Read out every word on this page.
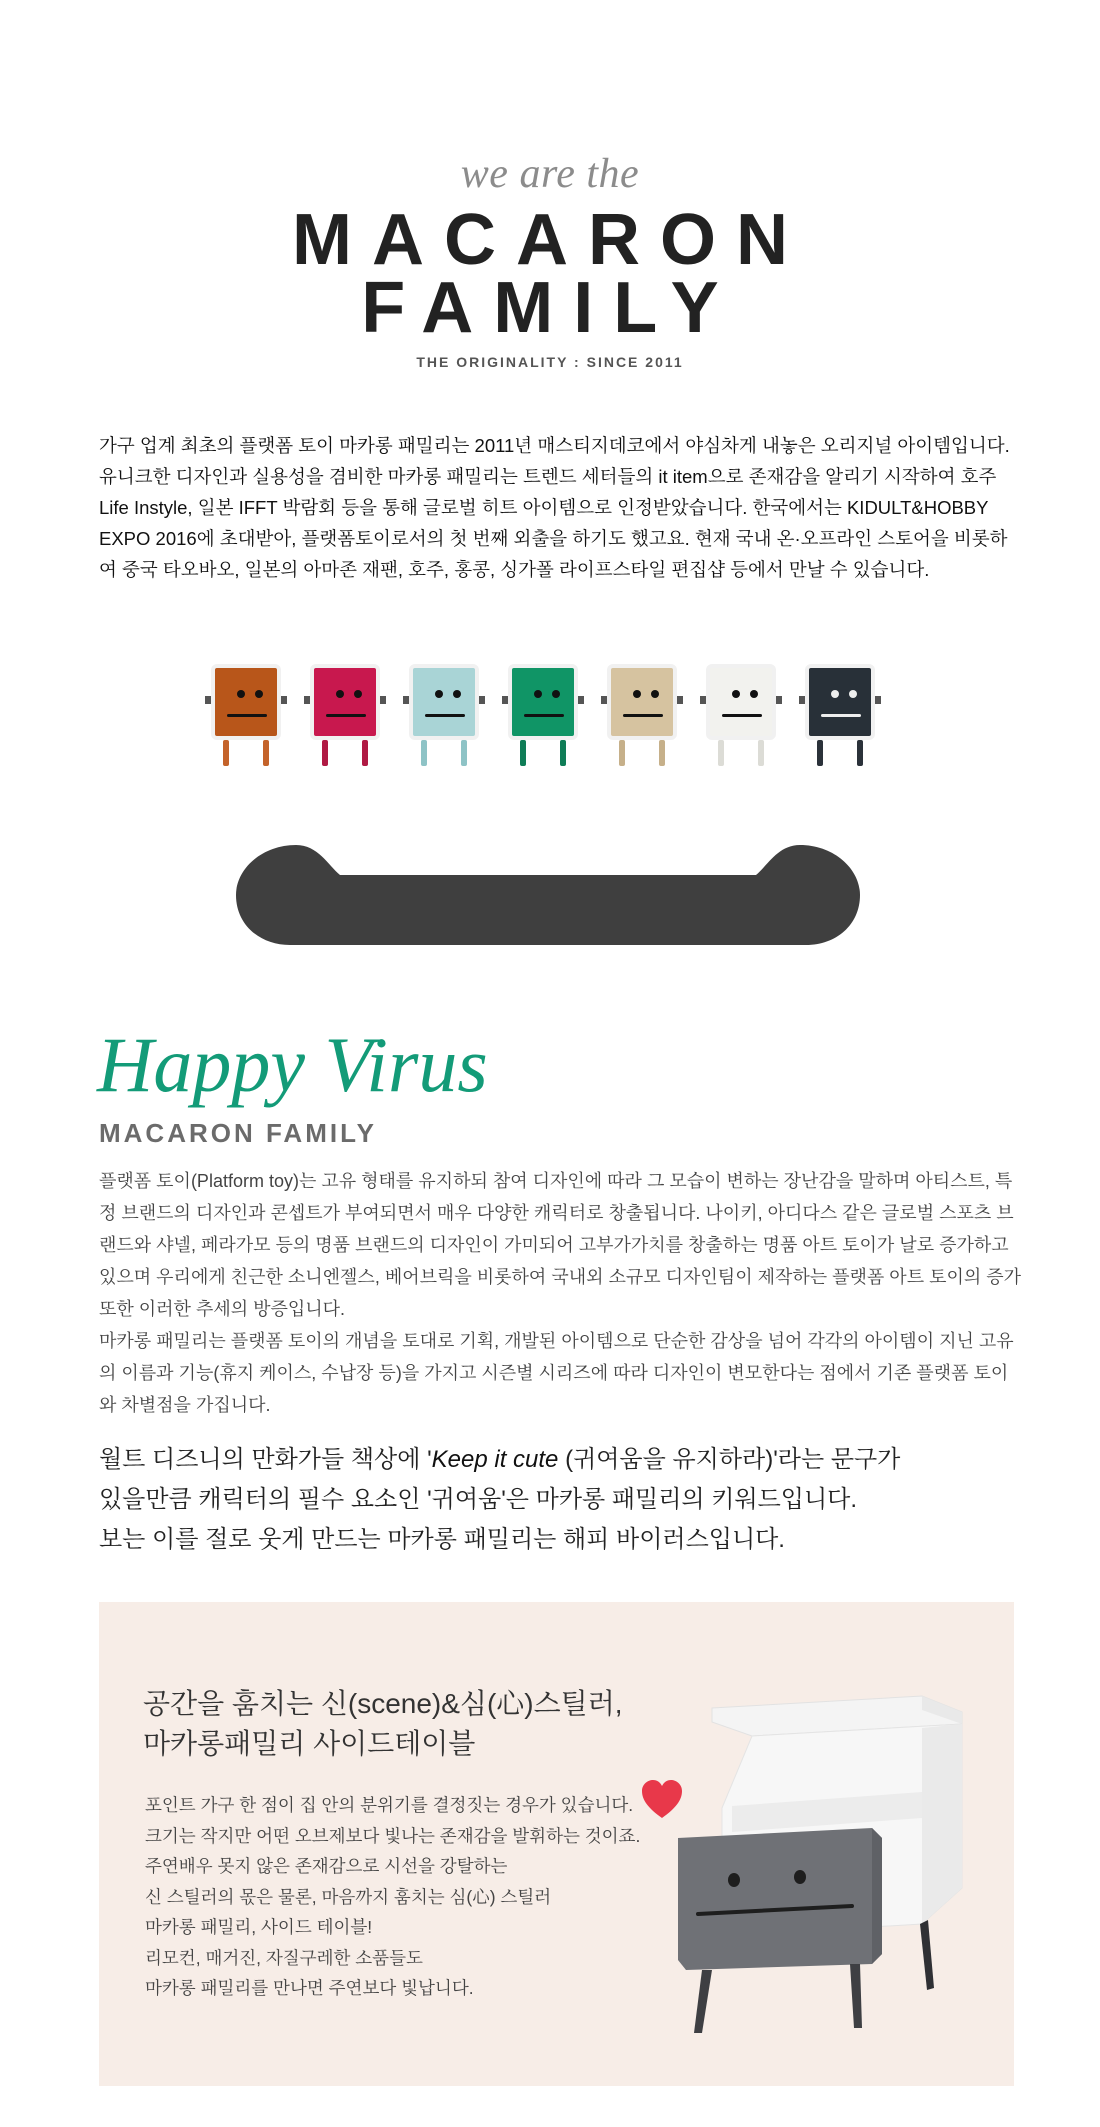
we are the
MACARON
FAMILY
THE ORIGINALITY : SINCE 2011
가구 업계 최초의 플랫폼 토이 마카롱 패밀리는 2011년 매스티지데코에서 야심차게 내놓은 오리지널 아이템입니다. 유니크한 디자인과 실용성을 겸비한 마카롱 패밀리는 트렌드 세터들의 it item으로 존재감을 알리기 시작하여 호주 Life Instyle, 일본 IFFT 박람회 등을 통해 글로벌 히트 아이템으로 인정받았습니다. 한국에서는 KIDULT&HOBBY EXPO 2016에 초대받아, 플랫폼토이로서의 첫 번째 외출을 하기도 했고요. 현재 국내 온·오프라인 스토어을 비롯하여 중국 타오바오, 일본의 아마존 재팬, 호주, 홍콩, 싱가폴 라이프스타일 편집샵 등에서 만날 수 있습니다.
Happy Virus
MACARON FAMILY
플랫폼 토이(Platform toy)는 고유 형태를 유지하되 참여 디자인에 따라 그 모습이 변하는 장난감을 말하며 아티스트, 특정 브랜드의 디자인과 콘셉트가 부여되면서 매우 다양한 캐릭터로 창출됩니다. 나이키, 아디다스 같은 글로벌 스포츠 브랜드와 샤넬, 페라가모 등의 명품 브랜드의 디자인이 가미되어 고부가가치를 창출하는 명품 아트 토이가 날로 증가하고 있으며 우리에게 친근한 소니엔젤스, 베어브릭을 비롯하여 국내외 소규모 디자인팀이 제작하는 플랫폼 아트 토이의 증가 또한 이러한 추세의 방증입니다.
마카롱 패밀리는 플랫폼 토이의 개념을 토대로 기획, 개발된 아이템으로 단순한 감상을 넘어 각각의 아이템이 지닌 고유의 이름과 기능(휴지 케이스, 수납장 등)을 가지고 시즌별 시리즈에 따라 디자인이 변모한다는 점에서 기존 플랫폼 토이와 차별점을 가집니다.
월트 디즈니의 만화가들 책상에 'Keep it cute (귀여움을 유지하라)'라는 문구가
있을만큼 캐릭터의 필수 요소인 '귀여움'은 마카롱 패밀리의 키워드입니다.
보는 이를 절로 웃게 만드는 마카롱 패밀리는 해피 바이러스입니다.
공간을 훔치는 신(scene)&심(心)스틸러,
마카롱패밀리 사이드테이블
포인트 가구 한 점이 집 안의 분위기를 결정짓는 경우가 있습니다.
크기는 작지만 어떤 오브제보다 빛나는 존재감을 발휘하는 것이죠.
주연배우 못지 않은 존재감으로 시선을 강탈하는
신 스틸러의 몫은 물론, 마음까지 훔치는 심(心) 스틸러
마카롱 패밀리, 사이드 테이블!
리모컨, 매거진, 자질구레한 소품들도
마카롱 패밀리를 만나면 주연보다 빛납니다.
